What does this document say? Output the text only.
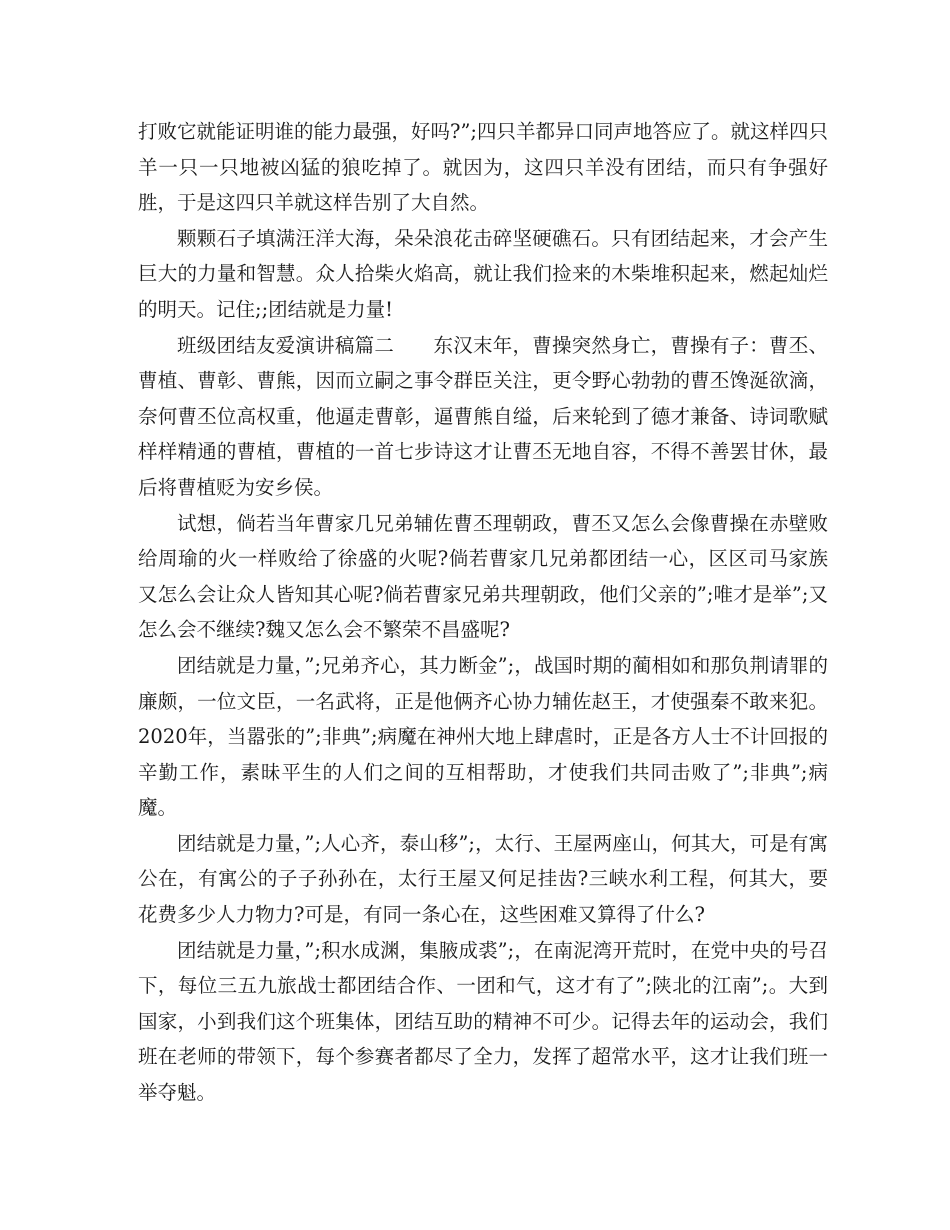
打败它就能证明谁的能力最强，好吗?”;四只羊都异口同声地答应了。就这样四只羊一只一只地被凶猛的狼吃掉了。就因为，这四只羊没有团结，而只有争强好胜，于是这四只羊就这样告别了大自然。

颗颗石子填满汪洋大海，朵朵浪花击碎坚硬礁石。只有团结起来，才会产生巨大的力量和智慧。众人拾柴火焰高，就让我们捡来的木柴堆积起来，燃起灿烂的明天。记住;;团结就是力量!

班级团结友爱演讲稿篇二　　东汉末年，曹操突然身亡，曹操有子：曹丕、曹植、曹彰、曹熊，因而立嗣之事令群臣关注，更令野心勃勃的曹丕馋涎欲滴，奈何曹丕位高权重，他逼走曹彰，逼曹熊自缢，后来轮到了德才兼备、诗词歌赋样样精通的曹植，曹植的一首七步诗这才让曹丕无地自容，不得不善罢甘休，最后将曹植贬为安乡侯。

试想，倘若当年曹家几兄弟辅佐曹丕理朝政，曹丕又怎么会像曹操在赤壁败给周瑜的火一样败给了徐盛的火呢?倘若曹家几兄弟都团结一心，区区司马家族又怎么会让众人皆知其心呢?倘若曹家兄弟共理朝政，他们父亲的”;唯才是举”;又怎么会不继续?魏又怎么会不繁荣不昌盛呢?

团结就是力量，”;兄弟齐心，其力断金”;，战国时期的蔺相如和那负荆请罪的廉颇，一位文臣，一名武将，正是他俩齐心协力辅佐赵王，才使强秦不敢来犯。2020年，当嚣张的”;非典”;病魔在神州大地上肆虐时，正是各方人士不计回报的辛勤工作，素昧平生的人们之间的互相帮助，才使我们共同击败了”;非典”;病魔。

团结就是力量，”;人心齐，泰山移”;，太行、王屋两座山，何其大，可是有寓公在，有寓公的子子孙孙在，太行王屋又何足挂齿?三峡水利工程，何其大，要花费多少人力物力?可是，有同一条心在，这些困难又算得了什么?

团结就是力量，”;积水成渊，集腋成裘”;，在南泥湾开荒时，在党中央的号召下，每位三五九旅战士都团结合作、一团和气，这才有了”;陕北的江南”;。大到国家，小到我们这个班集体，团结互助的精神不可少。记得去年的运动会，我们班在老师的带领下，每个参赛者都尽了全力，发挥了超常水平，这才让我们班一举夺魁。
